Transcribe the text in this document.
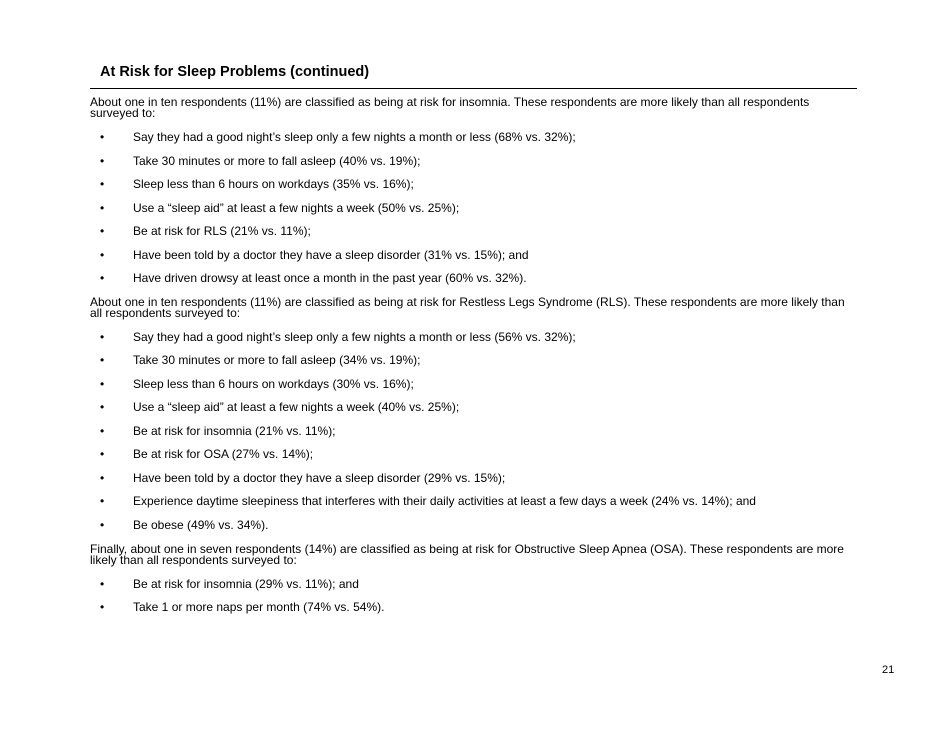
At Risk for Sleep Problems (continued)
About one in ten respondents (11%) are classified as being at risk for insomnia. These respondents are more likely than all respondents surveyed to:
• Say they had a good night’s sleep only a few nights a month or less (68% vs. 32%);
• Take 30 minutes or more to fall asleep (40% vs. 19%);
• Sleep less than 6 hours on workdays (35% vs. 16%);
• Use a “sleep aid” at least a few nights a week (50% vs. 25%);
• Be at risk for RLS (21% vs. 11%);
• Have been told by a doctor they have a sleep disorder (31% vs. 15%); and
• Have driven drowsy at least once a month in the past year (60% vs. 32%).
About one in ten respondents (11%) are classified as being at risk for Restless Legs Syndrome (RLS). These respondents are more likely than all respondents surveyed to:
• Say they had a good night’s sleep only a few nights a month or less (56% vs. 32%);
• Take 30 minutes or more to fall asleep (34% vs. 19%);
• Sleep less than 6 hours on workdays (30% vs. 16%);
• Use a “sleep aid” at least a few nights a week (40% vs. 25%);
• Be at risk for insomnia (21% vs. 11%);
• Be at risk for OSA (27% vs. 14%);
• Have been told by a doctor they have a sleep disorder (29% vs. 15%);
• Experience daytime sleepiness that interferes with their daily activities at least a few days a week (24% vs. 14%); and
• Be obese (49% vs. 34%).
Finally, about one in seven respondents (14%) are classified as being at risk for Obstructive Sleep Apnea (OSA). These respondents are more likely than all respondents surveyed to:
• Be at risk for insomnia (29% vs. 11%); and
• Take 1 or more naps per month (74% vs. 54%).
21
